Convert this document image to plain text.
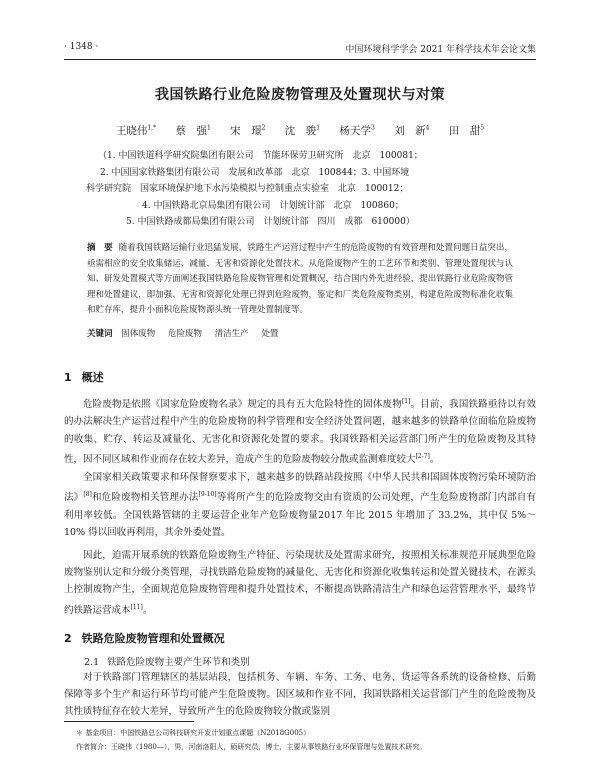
· 1348 ·	中国环境科学学会 2021 年科学技术年会论文集
我国铁路行业危险废物管理及处置现状与对策
王晓伟$^{1,*}$ 蔡　强$^1$ 宋　璟$^2$ 沈　骏$^1$ 杨天学$^3$ 刘　新$^4$ 田　甜$^5$
（1. 中国铁道科学研究院集团有限公司　节能环保劳卫研究所　北京　100081；
2. 中国国家铁路集团有限公司　发展和改革部　北京　100844；3. 中国环境
科学研究院　国家环境保护地下水污染模拟与控制重点实验室　北京　100012；
4. 中国铁路北京局集团有限公司　计划统计部　北京　100860；
5. 中国铁路成都局集团有限公司　计划统计部　四川　成都　610000）
摘　要 随着我国铁路运输行业迅猛发展，铁路生产运营过程中产生的危险废物的有效管理和处置问题日益突出，亟需相应的安全收集储运、减量、无害和资源化处置技术。从危险废物产生的工艺环节和类别、管理处置现状与认知、研发处置模式等方面阐述我国铁路危险废物管理和处置概况，结合国内外先进经验，提出铁路行业危险废物管理和处置建议，即加强、无害和资源化处理已得到危险废物，鉴定和厂类危险废物类别，构建危险废物标准化收集和贮存库，提升小面积危险废物源头统一管理处置制度等。
关键词 固体废物 危险废物 清洁生产 处置
1 概述
危险废物是依照《国家危险废物名录》规定的具有五大危险特性的固体废物[1]。目前，我国铁路亟待以有效的办法解决生产运营过程中产生的危险废物的科学管理和安全经济处置问题，越来越多的铁路单位面临危险废物的收集、贮存、转运及减量化、无害化和资源化处置的要求。我国铁路相关运营部门所产生的危险废物及其特性，因不同区域和作业而存在较大差异，造成产生的危险废物较分散或监测难度较大[2-7]。
全国家相关政策要求和环保督察要求下，越来越多的铁路站段按照《中华人民共和国固体废物污染环境防治法》[8]和危险废物相关管理办法[9-10]等将所产生的危险废物交由有资质的公司处理，产生危险废物部门内部自有利用率较低。全国铁路管辖的主要运营企业年产危险废物量2017 年比 2015 年增加了 33.2%，其中仅 5%～10% 得以回收再利用，其余外委处置。
因此，迫需开展系统的铁路危险废物生产特征、污染现状及处置需求研究，按照相关标准规范开展典型危险废物鉴别认定和分级分类管理，寻找铁路危险废物的减量化、无害化和资源化收集转运和处置关键技术，在源头上控制废物产生，全面规范危险废物管理和提升处置技术，不断提高铁路清洁生产和绿色运营管理水平，最终节约铁路运营成本[11]。
2 铁路危险废物管理和处置概况
2.1 铁路危险废物主要产生环节和类别
对于铁路部门管理辖区的基层站段，包括机务、车辆、车务、工务、电务、货运等各系统的设备检修、后勤保障等多个生产和运行环节均可能产生危险废物。因区域和作业不同，我国铁路相关运营部门产生的危险废物及其性质特征存在较大差异，导致所产生的危险废物较分散或鉴别
＊ 基金项目：中国铁路总公司科技研究开发计划重点课题（N2018G005）
作者简介：王晓伟（1980—），男，河南洛阳人，硕研究员，博士，主要从事铁路行业环保管理与处置技术研究。
